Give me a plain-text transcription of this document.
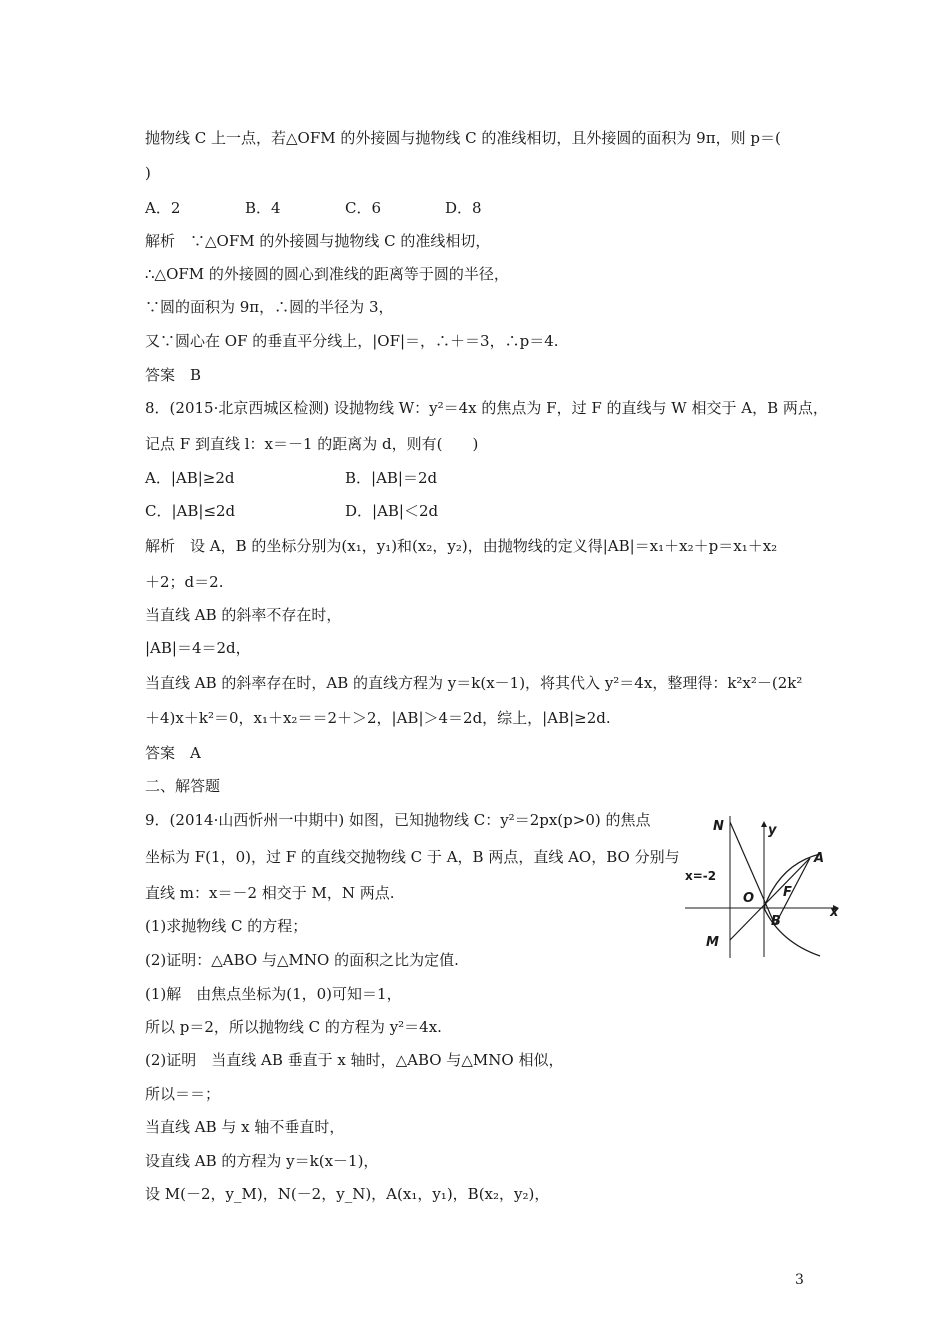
抛物线 C 上一点，若△OFM 的外接圆与抛物线 C 的准线相切，且外接圆的面积为 9π，则 p＝(
)
A．2	B．4	C．6	D．8
解析　∵△OFM 的外接圆与抛物线 C 的准线相切，
∴△OFM 的外接圆的圆心到准线的距离等于圆的半径，
∵圆的面积为 9π，∴圆的半径为 3，
又∵圆心在 OF 的垂直平分线上，|OF|＝，∴＋＝3，∴p＝4.
答案　B
8．(2015·北京西城区检测) 设抛物线 W：y²＝4x 的焦点为 F，过 F 的直线与 W 相交于 A，B 两点，
记点 F 到直线 l：x＝－1 的距离为 d，则有(　　)
A．|AB|≥2d	B．|AB|＝2d
C．|AB|≤2d	D．|AB|＜2d
解析　设 A，B 的坐标分别为(x₁，y₁)和(x₂，y₂)，由抛物线的定义得|AB|＝x₁＋x₂＋p＝x₁＋x₂
＋2；d＝2.
当直线 AB 的斜率不存在时，
|AB|＝4＝2d，
当直线 AB 的斜率存在时，AB 的直线方程为 y＝k(x－1)，将其代入 y²＝4x，整理得：k²x²－(2k²
＋4)x＋k²＝0，x₁＋x₂＝＝2＋＞2，|AB|＞4＝2d，综上，|AB|≥2d.
答案　A
二、解答题
9．(2014·山西忻州一中期中) 如图，已知抛物线 C：y²＝2px(p>0) 的焦点
坐标为 F(1，0)，过 F 的直线交抛物线 C 于 A，B 两点，直线 AO，BO 分别与
直线 m：x＝－2 相交于 M，N 两点.
(1)求抛物线 C 的方程；
(2)证明：△ABO 与△MNO 的面积之比为定值.
(1)解　由焦点坐标为(1，0)可知＝1，
所以 p＝2，所以抛物线 C 的方程为 y²＝4x.
(2)证明　当直线 AB 垂直于 x 轴时，△ABO 与△MNO 相似，
所以＝＝；
当直线 AB 与 x 轴不垂直时，
设直线 AB 的方程为 y＝k(x－1)，
设 M(－2，y_M)，N(－2，y_N)，A(x₁，y₁)，B(x₂，y₂)，
N	y
A
x=-2
F
O
x
B
M
3
